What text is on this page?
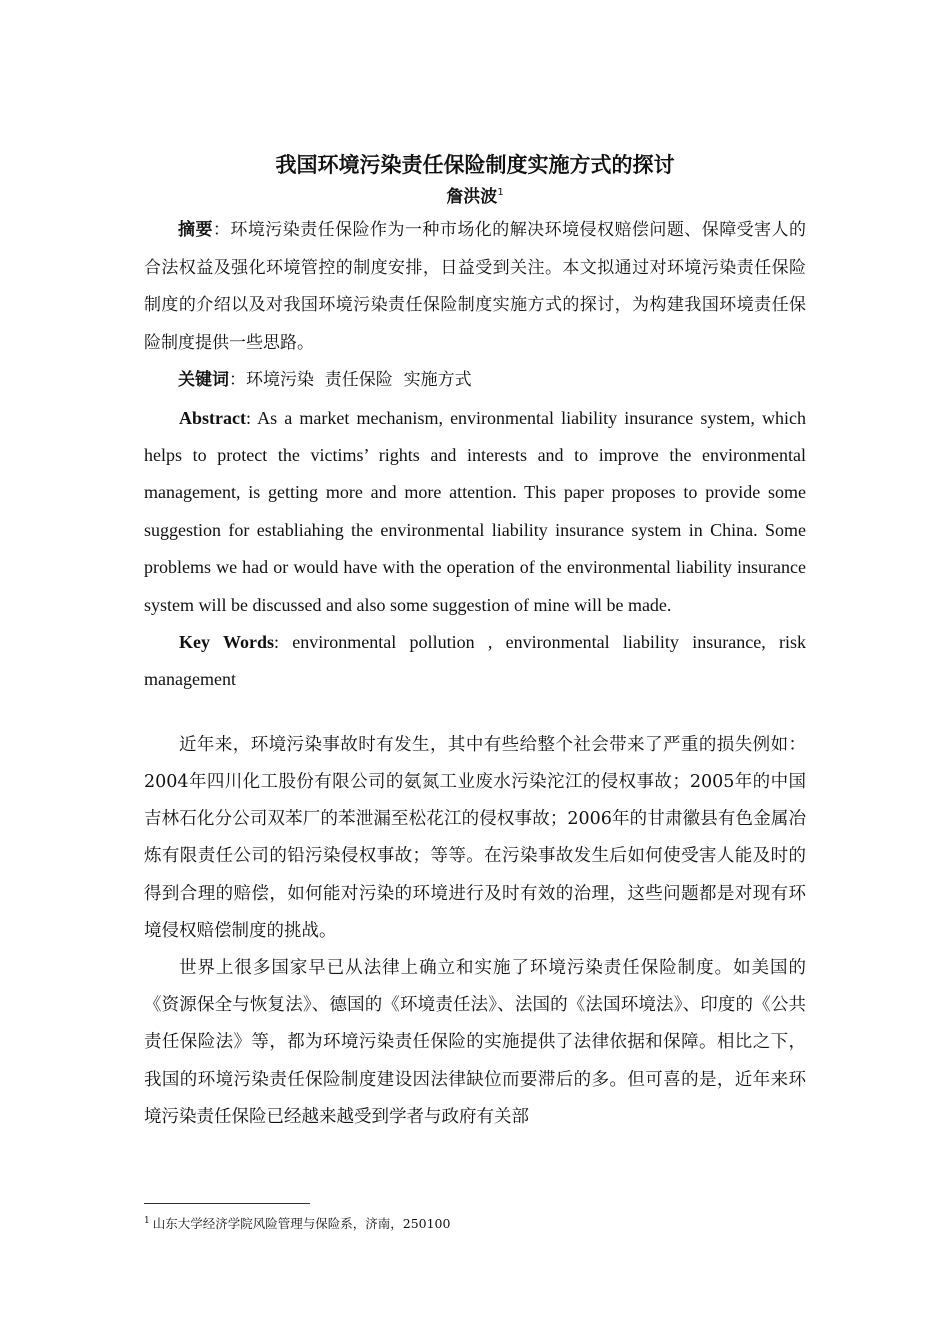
我国环境污染责任保险制度实施方式的探讨

詹洪波$^1$

摘要：环境污染责任保险作为一种市场化的解决环境侵权赔偿问题、保障受害人的合法权益及强化环境管控的制度安排，日益受到关注。本文拟通过对环境污染责任保险制度的介绍以及对我国环境污染责任保险制度实施方式的探讨，为构建我国环境责任保险制度提供一些思路。

关键词：环境污染  责任保险  实施方式

Abstract: As a market mechanism, environmental liability insurance system, which helps to protect the victims’ rights and interests and to improve the environmental management, is getting more and more attention. This paper proposes to provide some suggestion for establiahing the environmental liability insurance system in China. Some problems we had or would have with the operation of the environmental liability insurance system will be discussed and also some suggestion of mine will be made.

Key Words: environmental pollution , environmental liability insurance, risk management

近年来，环境污染事故时有发生，其中有些给整个社会带来了严重的损失例如：2004年四川化工股份有限公司的氨氮工业废水污染沱江的侵权事故；2005年的中国吉林石化分公司双苯厂的苯泄漏至松花江的侵权事故；2006年的甘肃徽县有色金属冶炼有限责任公司的铅污染侵权事故；等等。在污染事故发生后如何使受害人能及时的得到合理的赔偿，如何能对污染的环境进行及时有效的治理，这些问题都是对现有环境侵权赔偿制度的挑战。

世界上很多国家早已从法律上确立和实施了环境污染责任保险制度。如美国的《资源保全与恢复法》、德国的《环境责任法》、法国的《法国环境法》、印度的《公共责任保险法》等，都为环境污染责任保险的实施提供了法律依据和保障。相比之下，我国的环境污染责任保险制度建设因法律缺位而要滞后的多。但可喜的是，近年来环境污染责任保险已经越来越受到学者与政府有关部

$^1$ 山东大学经济学院风险管理与保险系，济南，250100
